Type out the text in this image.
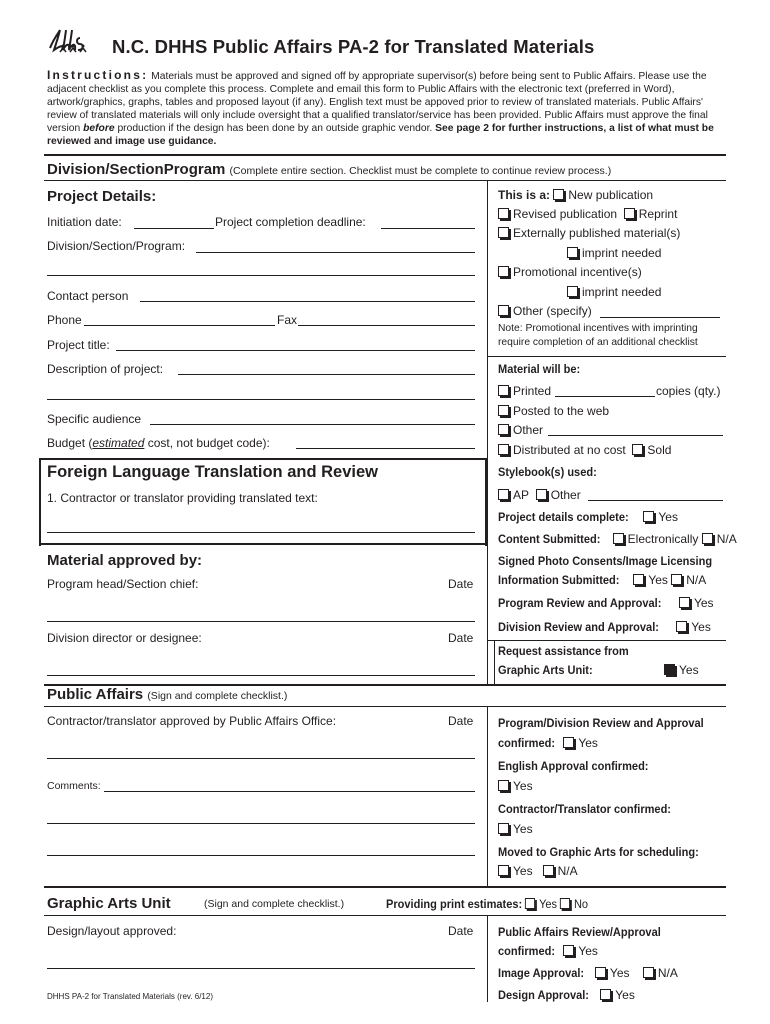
N.C. DHHS Public Affairs PA-2 for Translated Materials
Instructions: Materials must be approved and signed off by appropriate supervisor(s) before being sent to Public Affairs. Please use the adjacent checklist as you complete this process. Complete and email this form to Public Affairs with the electronic text (preferred in Word), artwork/graphics, graphs, tables and proposed layout (if any). English text must be appoved prior to review of translated materials. Public Affairs' review of translated materials will only include oversight that a qualified translator/service has been provided. Public Affairs must approve the final version before production if the design has been done by an outside graphic vendor. See page 2 for further instructions, a list of what must be reviewed and image use guidance.
Division/SectionProgram (Complete entire section. Checklist must be complete to continue review process.)
Project Details:
Initiation date:	Project completion deadline:
Division/Section/Program:
Contact person
Phone	Fax
Project title:
Description of project:
Specific audience
Budget (estimated cost, not budget code):
Foreign Language Translation and Review
1. Contractor or translator providing translated text:
Material approved by:
Program head/Section chief:	Date
Division director or designee:	Date
Public Affairs (Sign and complete checklist.)
Contractor/translator approved by Public Affairs Office:	Date
Comments:
Graphic Arts Unit	(Sign and complete checklist.)	Providing print estimates: Yes No
Design/layout approved:	Date
DHHS PA-2 for Translated Materials (rev. 6/12)
This is a: New publication
Revised publication Reprint
Externally published material(s)
imprint needed
Promotional incentive(s)
imprint needed
Other (specify)
Note: Promotional incentives with imprinting require completion of an additional checklist
Material will be:
Printed	copies (qty.)
Posted to the web
Other
Distributed at no cost Sold
Stylebook(s) used:
AP Other
Project details complete: Yes
Content Submitted: Electronically N/A
Signed Photo Consents/Image Licensing
Information Submitted: Yes N/A
Program Review and Approval:	Yes
Division Review and Approval:	Yes
Request assistance from
Graphic Arts Unit:	Yes
Program/Division Review and Approval
confirmed: Yes
English Approval confirmed:
Yes
Contractor/Translator confirmed:
Yes
Moved to Graphic Arts for scheduling:
Yes N/A
Public Affairs Review/Approval
confirmed: Yes
Image Approval: Yes N/A
Design Approval: Yes
